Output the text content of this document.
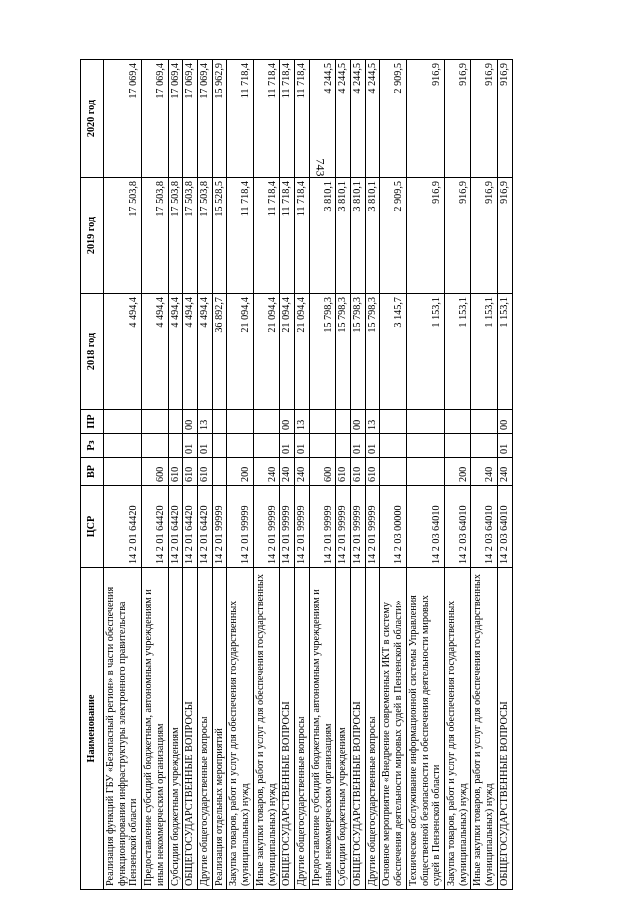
743
Наименование	ЦСР	ВР	Рз	ПР	2018 год	2019 год	2020 год
Реализация функций ГБУ «Безопасный регион» в части обеспечения функционирования инфраструктуры электронного правительства Пензенской области	14 2 01 64420				4 494,4	17 503,8	17 069,4
Предоставление субсидий бюджетным, автономным учреждениям и иным некоммерческим организациям	14 2 01 64420	600			4 494,4	17 503,8	17 069,4
Субсидии бюджетным учреждениям	14 2 01 64420	610			4 494,4	17 503,8	17 069,4
ОБЩЕГОСУДАРСТВЕННЫЕ ВОПРОСЫ	14 2 01 64420	610	01	00	4 494,4	17 503,8	17 069,4
Другие общегосударственные вопросы	14 2 01 64420	610	01	13	4 494,4	17 503,8	17 069,4
Реализация отдельных мероприятий	14 2 01 99999				36 892,7	15 528,5	15 962,9
Закупка товаров, работ и услуг для обеспечения государственных (муниципальных) нужд	14 2 01 99999	200			21 094,4	11 718,4	11 718,4
Иные закупки товаров, работ и услуг для обеспечения государственных (муниципальных) нужд	14 2 01 99999	240			21 094,4	11 718,4	11 718,4
ОБЩЕГОСУДАРСТВЕННЫЕ ВОПРОСЫ	14 2 01 99999	240	01	00	21 094,4	11 718,4	11 718,4
Другие общегосударственные вопросы	14 2 01 99999	240	01	13	21 094,4	11 718,4	11 718,4
Предоставление субсидий бюджетным, автономным учреждениям и иным некоммерческим организациям	14 2 01 99999	600			15 798,3	3 810,1	4 244,5
Субсидии бюджетным учреждениям	14 2 01 99999	610			15 798,3	3 810,1	4 244,5
ОБЩЕГОСУДАРСТВЕННЫЕ ВОПРОСЫ	14 2 01 99999	610	01	00	15 798,3	3 810,1	4 244,5
Другие общегосударственные вопросы	14 2 01 99999	610	01	13	15 798,3	3 810,1	4 244,5
Основное мероприятие «Внедрение современных ИКТ в систему обеспечения деятельности мировых судей в Пензенской области»	14 2 03 00000				3 145,7	2 909,5	2 909,5
Техническое обслуживание информационной системы Управления общественной безопасности и обеспечения деятельности мировых судей в Пензенской области	14 2 03 64010				1 153,1	916,9	916,9
Закупка товаров, работ и услуг для обеспечения государственных (муниципальных) нужд	14 2 03 64010	200			1 153,1	916,9	916,9
Иные закупки товаров, работ и услуг для обеспечения государственных (муниципальных) нужд	14 2 03 64010	240			1 153,1	916,9	916,9
ОБЩЕГОСУДАРСТВЕННЫЕ ВОПРОСЫ	14 2 03 64010	240	01	00	1 153,1	916,9	916,9
